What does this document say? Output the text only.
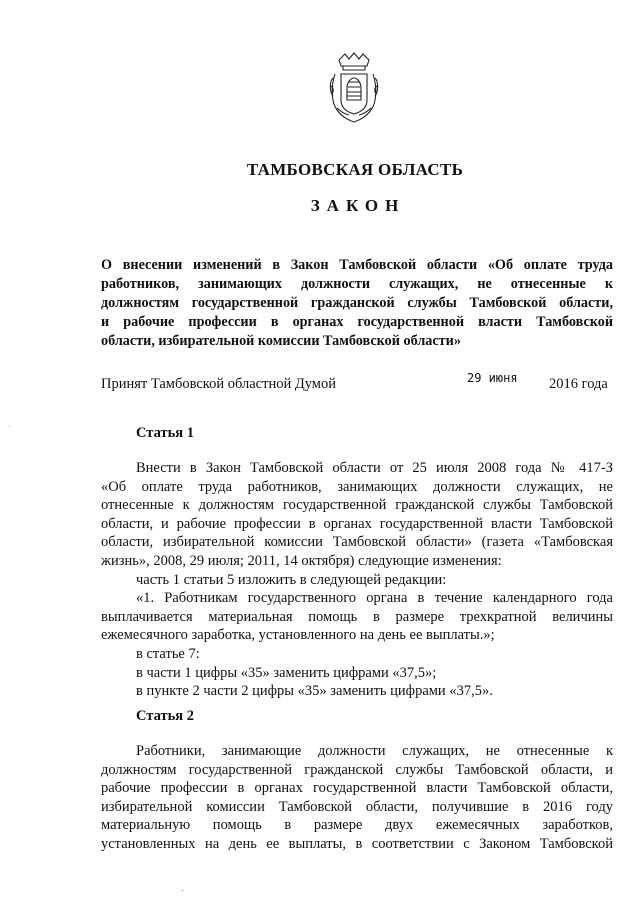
ТАМБОВСКАЯ ОБЛАСТЬ
ЗАКОН
О внесении изменений в Закон Тамбовской области «Об оплате труда
работников, занимающих должности служащих, не отнесенные к
должностям государственной гражданской службы Тамбовской области,
и рабочие профессии в органах государственной власти Тамбовской
области, избирательной комиссии Тамбовской области»
Принят Тамбовской областной Думой	29 июня 2016 года
Статья 1
Внести в Закон Тамбовской области от 25 июля 2008 года № 417-З
«Об оплате труда работников, занимающих должности служащих, не
отнесенные к должностям государственной гражданской службы Тамбовской
области, и рабочие профессии в органах государственной власти Тамбовской
области, избирательной комиссии Тамбовской области» (газета «Тамбовская
жизнь», 2008, 29 июля; 2011, 14 октября) следующие изменения:
часть 1 статьи 5 изложить в следующей редакции:
«1. Работникам государственного органа в течение календарного года
выплачивается материальная помощь в размере трехкратной величины
ежемесячного заработка, установленного на день ее выплаты.»;
в статье 7:
в части 1 цифры «35» заменить цифрами «37,5»;
в пункте 2 части 2 цифры «35» заменить цифрами «37,5».
Статья 2
Работники, занимающие должности служащих, не отнесенные к
должностям государственной гражданской службы Тамбовской области, и
рабочие профессии в органах государственной власти Тамбовской области,
избирательной комиссии Тамбовской области, получившие в 2016 году
материальную помощь в размере двух ежемесячных заработков,
установленных на день ее выплаты, в соответствии с Законом Тамбовской
·
-
